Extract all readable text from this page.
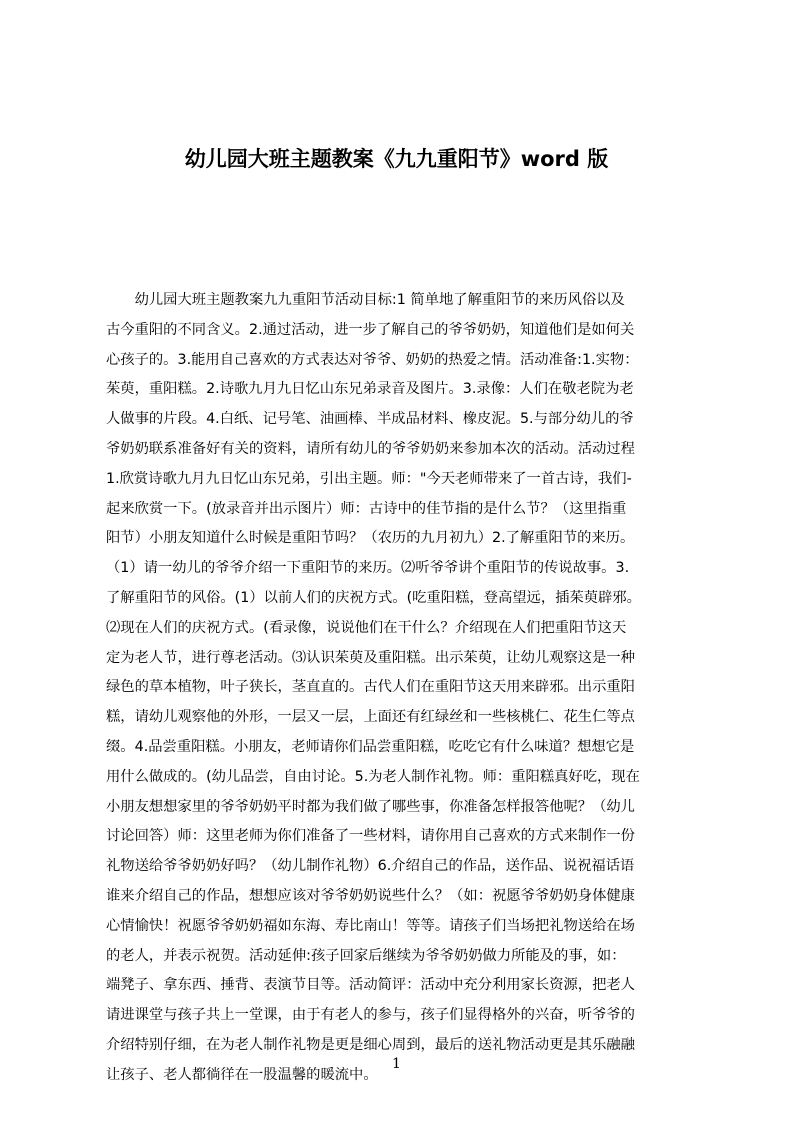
幼儿园大班主题教案《九九重阳节》word 版
　　幼儿园大班主题教案九九重阳节活动目标:1 简单地了解重阳节的来历风俗以及
古今重阳的不同含义。2.通过活动，进一步了解自己的爷爷奶奶，知道他们是如何关
心孩子的。3.能用自己喜欢的方式表达对爷爷、奶奶的热爱之情。活动准备:1.实物：
茱萸，重阳糕。2.诗歌九月九日忆山东兄弟录音及图片。3.录像：人们在敬老院为老
人做事的片段。4.白纸、记号笔、油画棒、半成品材料、橡皮泥。5.与部分幼儿的爷
爷奶奶联系准备好有关的资料，请所有幼儿的爷爷奶奶来参加本次的活动。活动过程
1.欣赏诗歌九月九日忆山东兄弟，引出主题。师："今天老师带来了一首古诗，我们-
起来欣赏一下。(放录音并出示图片）师：古诗中的佳节指的是什么节？（这里指重
阳节）小朋友知道什么时候是重阳节吗？（农历的九月初九）2.了解重阳节的来历。
（1）请一幼儿的爷爷介绍一下重阳节的来历。⑵听爷爷讲个重阳节的传说故事。3.
了解重阳节的风俗。(1）以前人们的庆祝方式。(吃重阳糕，登高望远，插茱萸辟邪。
⑵现在人们的庆祝方式。(看录像，说说他们在干什么？介绍现在人们把重阳节这天
定为老人节，进行尊老活动。⑶认识茱萸及重阳糕。出示茱萸，让幼儿观察这是一种
绿色的草本植物，叶子狭长，茎直直的。古代人们在重阳节这天用来辟邪。出示重阳
糕，请幼儿观察他的外形，一层又一层，上面还有红绿丝和一些核桃仁、花生仁等点
缀。4.品尝重阳糕。小朋友，老师请你们品尝重阳糕，吃吃它有什么味道？想想它是
用什么做成的。(幼儿品尝，自由讨论。5.为老人制作礼物。师：重阳糕真好吃，现在
小朋友想想家里的爷爷奶奶平时都为我们做了哪些事，你准备怎样报答他呢？（幼儿
讨论回答）师：这里老师为你们准备了一些材料，请你用自己喜欢的方式来制作一份
礼物送给爷爷奶奶好吗？（幼儿制作礼物）6.介绍自己的作品，送作品、说祝福话语
谁来介绍自己的作品，想想应该对爷爷奶奶说些什么？（如：祝愿爷爷奶奶身体健康
心情愉快！祝愿爷爷奶奶福如东海、寿比南山！等等。请孩子们当场把礼物送给在场
的老人，并表示祝贺。活动延伸:孩子回家后继续为爷爷奶奶做力所能及的事，如：
端凳子、拿东西、捶背、表演节目等。活动简评：活动中充分利用家长资源，把老人
请进课堂与孩子共上一堂课，由于有老人的参与，孩子们显得格外的兴奋，听爷爷的
介绍特别仔细，在为老人制作礼物是更是细心周到，最后的送礼物活动更是其乐融融
让孩子、老人都徜徉在一股温馨的暖流中。
1
